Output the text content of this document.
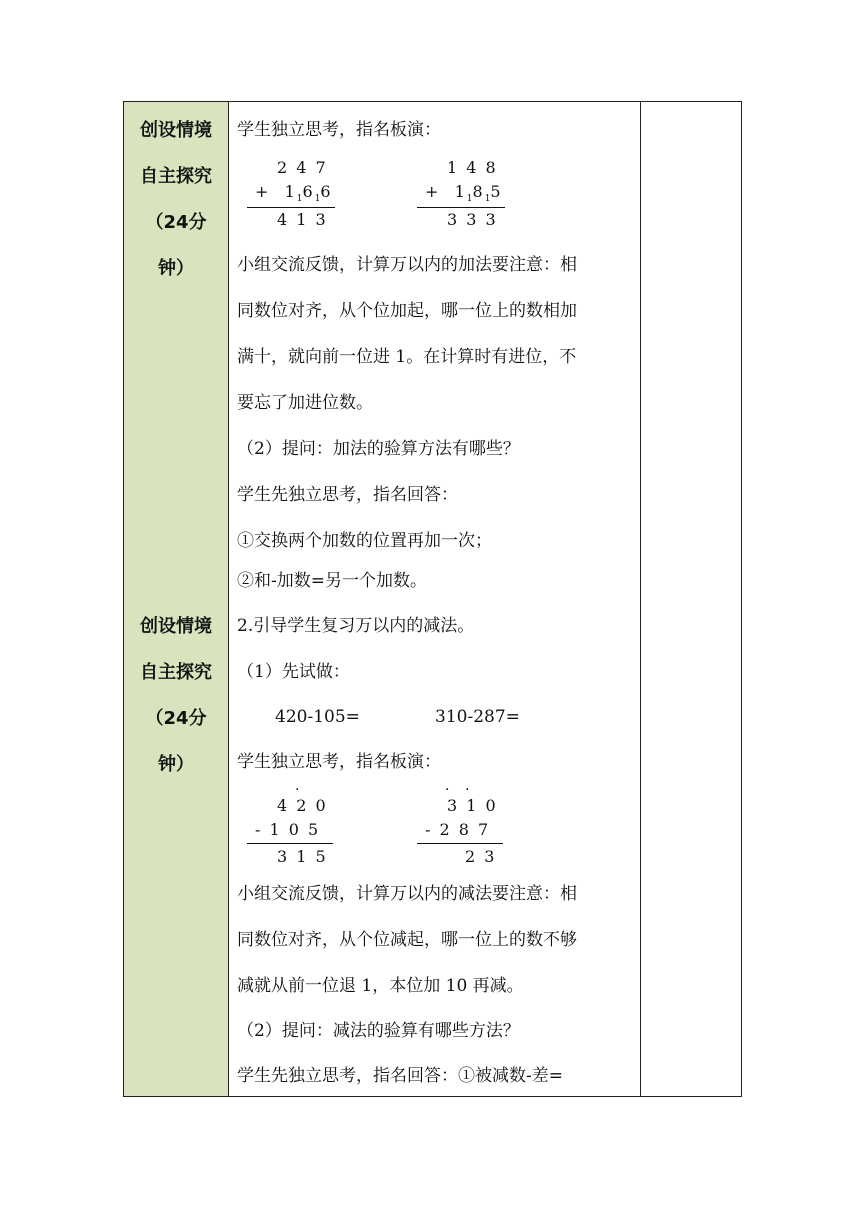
创设情境
自主探究
（24分
钟）
创设情境
自主探究
（24分
钟）
学生独立思考，指名板演：
2 4 7
+ $1_16_16$
4 1 3
1 4 8
+ $1_18_15$
3 3 3
小组交流反馈，计算万以内的加法要注意：相
同数位对齐，从个位加起，哪一位上的数相加
满十，就向前一位进 1。在计算时有进位，不
要忘了加进位数。
（2）提问：加法的验算方法有哪些？
学生先独立思考，指名回答：
①交换两个加数的位置再加一次；
②和-加数=另一个加数。
2.引导学生复习万以内的减法。
（1）先试做：
420-105=	310-287=
学生独立思考，指名板演：
·
4 2 0
- 1 0 5
3 1 5
· ·
3 1 0
- 2 8 7
2 3
小组交流反馈，计算万以内的减法要注意：相
同数位对齐，从个位减起，哪一位上的数不够
减就从前一位退 1，本位加 10 再减。
（2）提问：减法的验算有哪些方法？
学生先独立思考，指名回答：①被减数-差=
